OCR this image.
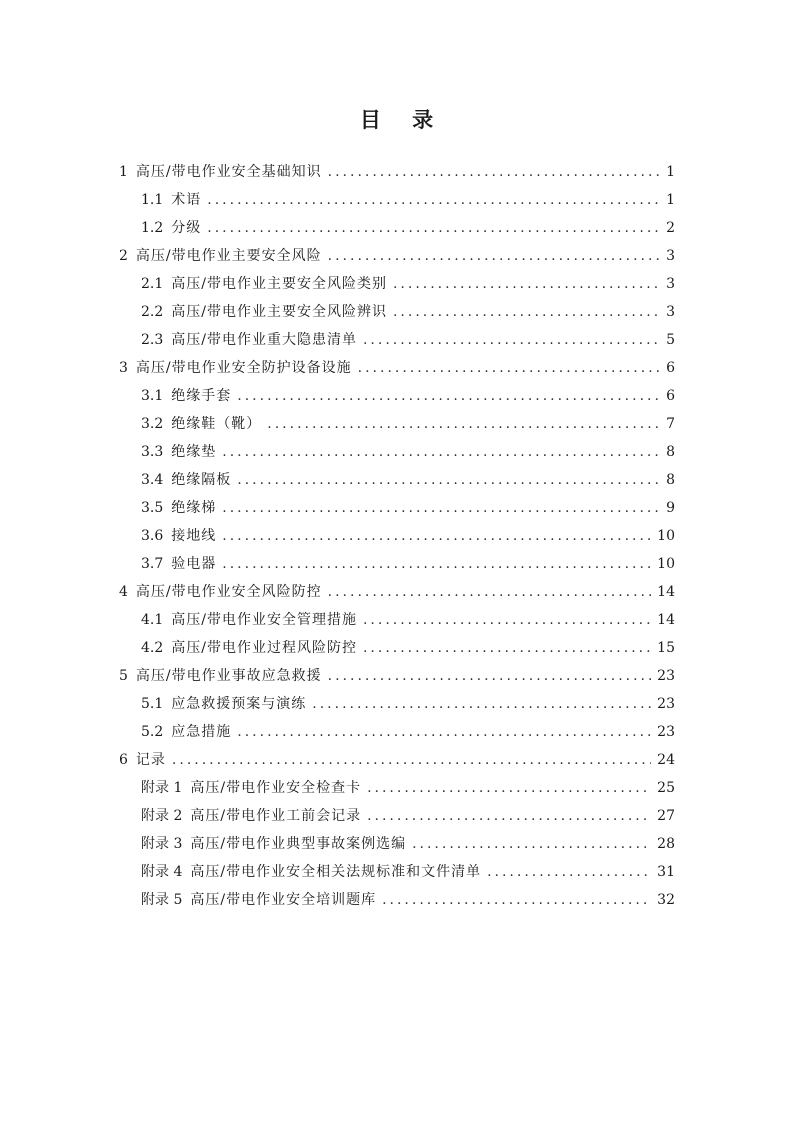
目 录
1 高压/带电作业安全基础知识 .....	1
1.1 术语 .....	1
1.2 分级 .....	2
2 高压/带电作业主要安全风险 .....	3
2.1 高压/带电作业主要安全风险类别 .....	3
2.2 高压/带电作业主要安全风险辨识 .....	3
2.3 高压/带电作业重大隐患清单 .....	5
3 高压/带电作业安全防护设备设施 .....	6
3.1 绝缘手套 .....	6
3.2 绝缘鞋（靴） .....	7
3.3 绝缘垫 .....	8
3.4 绝缘隔板 .....	8
3.5 绝缘梯 .....	9
3.6 接地线 .....	10
3.7 验电器 .....	10
4 高压/带电作业安全风险防控 .....	14
4.1 高压/带电作业安全管理措施 .....	14
4.2 高压/带电作业过程风险防控 .....	15
5 高压/带电作业事故应急救援 .....	23
5.1 应急救援预案与演练 .....	23
5.2 应急措施 .....	23
6 记录 .....	24
附录 1 高压/带电作业安全检查卡 .....	25
附录 2 高压/带电作业工前会记录 .....	27
附录 3 高压/带电作业典型事故案例选编 .....	28
附录 4 高压/带电作业安全相关法规标准和文件清单 .....	31
附录 5 高压/带电作业安全培训题库 .....	32
